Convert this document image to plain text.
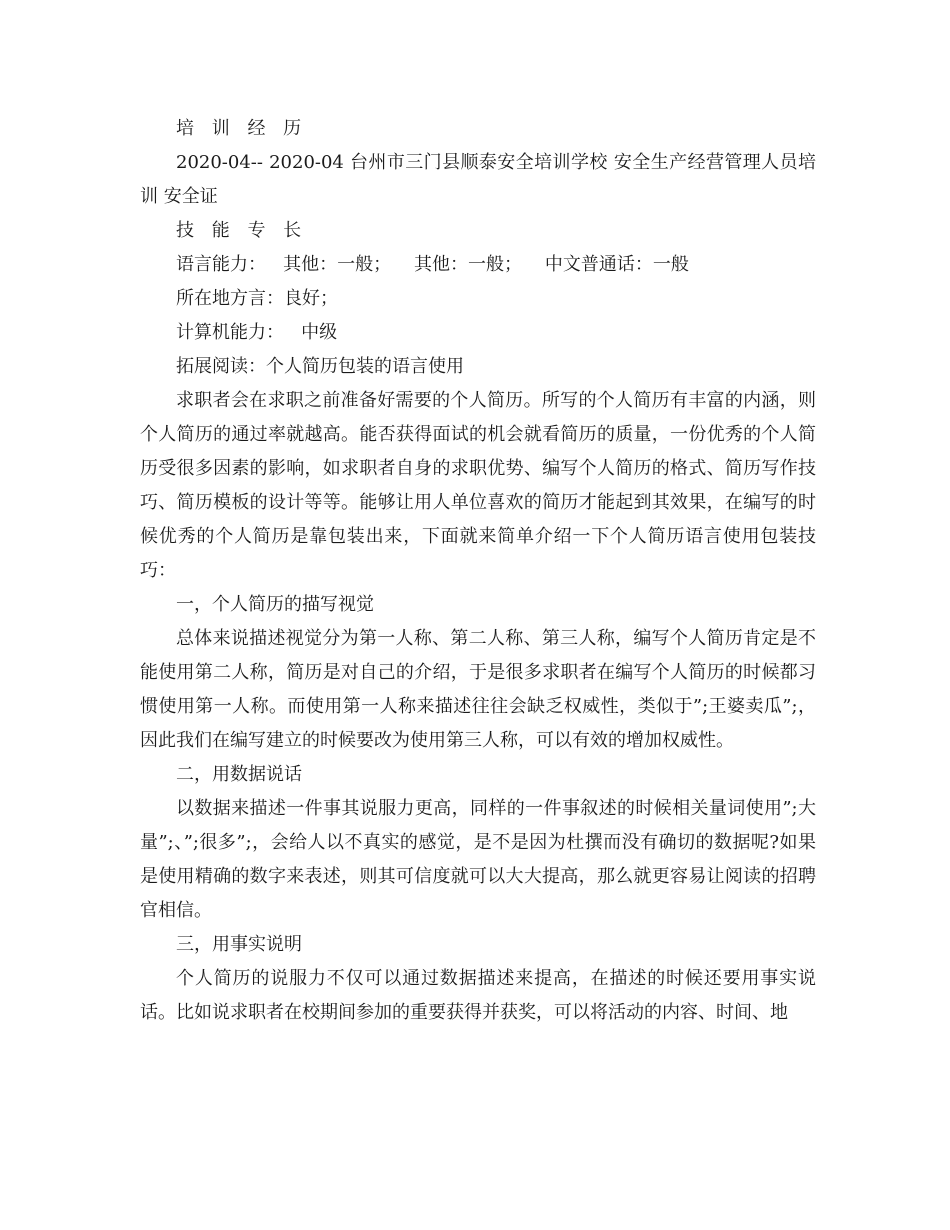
培 训 经 历

2020-04-- 2020-04 台州市三门县顺泰安全培训学校 安全生产经营管理人员培训 安全证

技 能 专 长

语言能力：   其他：一般；    其他：一般；    中文普通话：一般

所在地方言：良好；

计算机能力：   中级

拓展阅读：个人简历包装的语言使用

求职者会在求职之前准备好需要的个人简历。所写的个人简历有丰富的内涵，则个人简历的通过率就越高。能否获得面试的机会就看简历的质量，一份优秀的个人简历受很多因素的影响，如求职者自身的求职优势、编写个人简历的格式、简历写作技巧、简历模板的设计等等。能够让用人单位喜欢的简历才能起到其效果，在编写的时候优秀的个人简历是靠包装出来，下面就来简单介绍一下个人简历语言使用包装技巧：

一，个人简历的描写视觉

总体来说描述视觉分为第一人称、第二人称、第三人称，编写个人简历肯定是不能使用第二人称，简历是对自己的介绍，于是很多求职者在编写个人简历的时候都习惯使用第一人称。而使用第一人称来描述往往会缺乏权威性，类似于”;王婆卖瓜”;，因此我们在编写建立的时候要改为使用第三人称，可以有效的增加权威性。

二，用数据说话

以数据来描述一件事其说服力更高，同样的一件事叙述的时候相关量词使用”;大量”;、”;很多”;，会给人以不真实的感觉，是不是因为杜撰而没有确切的数据呢?如果是使用精确的数字来表述，则其可信度就可以大大提高，那么就更容易让阅读的招聘官相信。

三，用事实说明

个人简历的说服力不仅可以通过数据描述来提高，在描述的时候还要用事实说话。比如说求职者在校期间参加的重要获得并获奖，可以将活动的内容、时间、地
